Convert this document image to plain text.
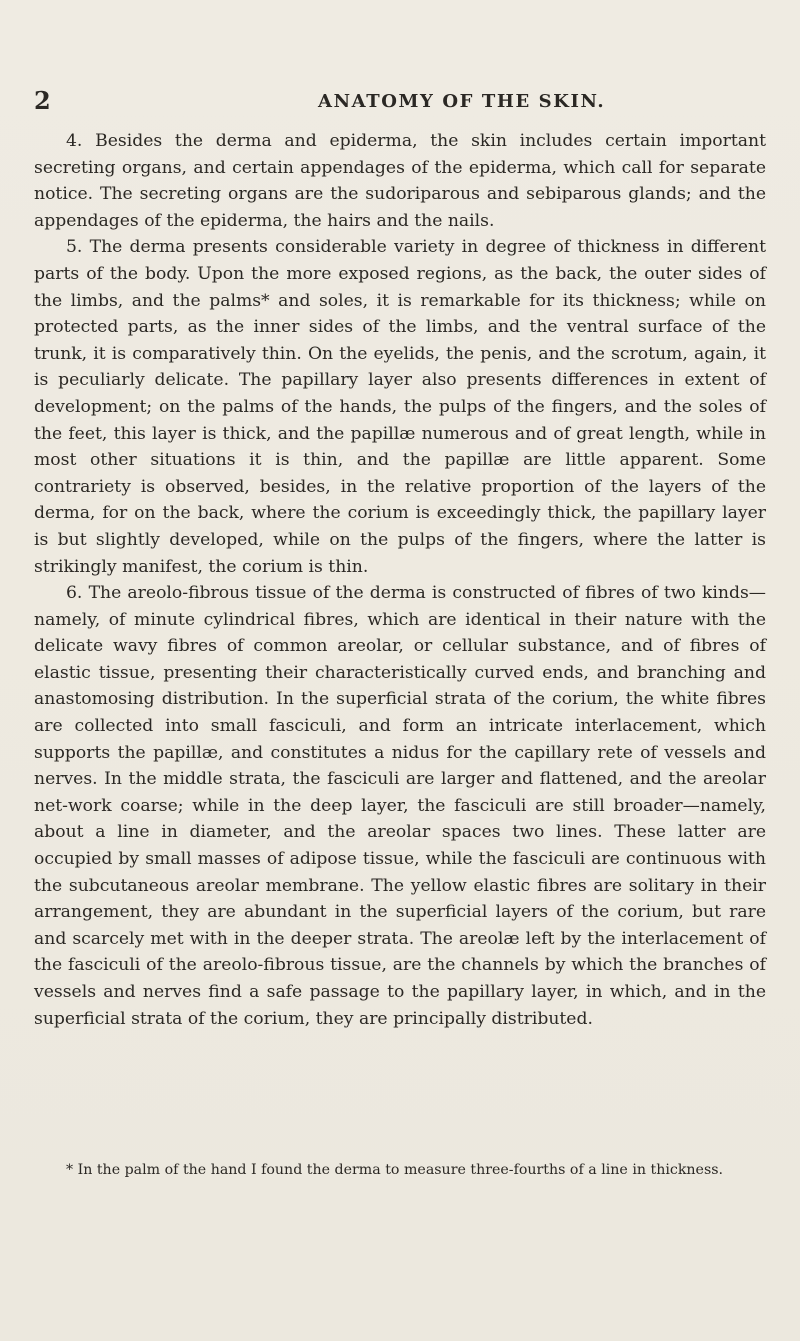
2	ANATOMY OF THE SKIN.

4. Besides the derma and epiderma, the skin includes certain important secreting organs, and certain appendages of the epiderma, which call for separate notice. The secreting organs are the sudoriparous and sebiparous glands; and the appendages of the epiderma, the hairs and the nails.

5. The derma presents considerable variety in degree of thickness in different parts of the body. Upon the more exposed regions, as the back, the outer sides of the limbs, and the palms* and soles, it is remarkable for its thickness; while on protected parts, as the inner sides of the limbs, and the ventral surface of the trunk, it is comparatively thin. On the eyelids, the penis, and the scrotum, again, it is peculiarly delicate. The papillary layer also presents differences in extent of development; on the palms of the hands, the pulps of the fingers, and the soles of the feet, this layer is thick, and the papillæ numerous and of great length, while in most other situations it is thin, and the papillæ are little apparent. Some contrariety is observed, besides, in the relative proportion of the layers of the derma, for on the back, where the corium is exceedingly thick, the papillary layer is but slightly developed, while on the pulps of the fingers, where the latter is strikingly manifest, the corium is thin.

6. The areolo-fibrous tissue of the derma is constructed of fibres of two kinds—namely, of minute cylindrical fibres, which are identical in their nature with the delicate wavy fibres of common areolar, or cellular substance, and of fibres of elastic tissue, presenting their characteristically curved ends, and branching and anastomosing distribution. In the superficial strata of the corium, the white fibres are collected into small fasciculi, and form an intricate interlacement, which supports the papillæ, and constitutes a nidus for the capillary rete of vessels and nerves. In the middle strata, the fasciculi are larger and flattened, and the areolar net-work coarse; while in the deep layer, the fasciculi are still broader—namely, about a line in diameter, and the areolar spaces two lines. These latter are occupied by small masses of adipose tissue, while the fasciculi are continuous with the subcutaneous areolar membrane. The yellow elastic fibres are solitary in their arrangement, they are abundant in the superficial layers of the corium, but rare and scarcely met with in the deeper strata. The areolæ left by the interlacement of the fasciculi of the areolo-fibrous tissue, are the channels by which the branches of vessels and nerves find a safe passage to the papillary layer, in which, and in the superficial strata of the corium, they are principally distributed.

* In the palm of the hand I found the derma to measure three-fourths of a line in thickness.
